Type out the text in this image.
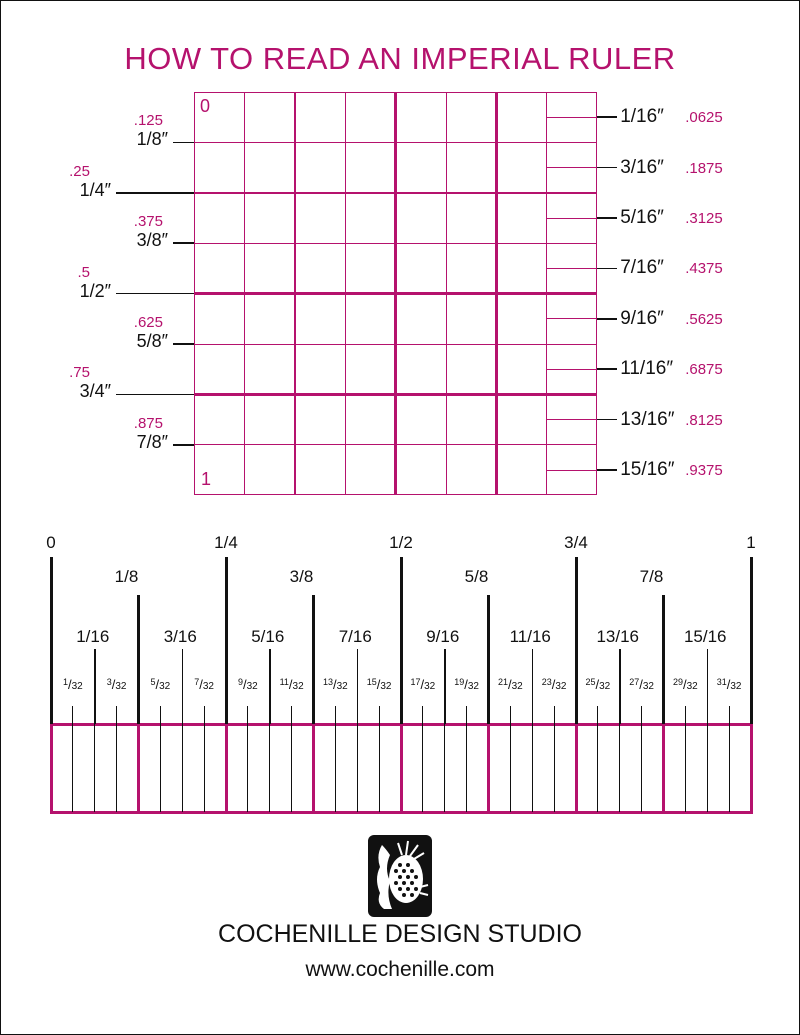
HOW TO READ AN IMPERIAL RULER
COCHENILLE DESIGN STUDIO
www.cochenille.com
0
1
1/8″
.125
1/4″
.25
3/8″
.375
1/2″
.5
5/8″
.625
3/4″
.75
7/8″
.875
1/16″ .0625
3/16″ .1875
5/16″ .3125
7/16″ .4375
9/16″ .5625
11/16″ .6875
13/16″ .8125
15/16″ .9375
0	1/4	1/2	3/4	1
1/8	3/8	5/8	7/8
1/16	3/16	5/16	7/16	9/16	11/16	13/16	15/16
$^1$/32	$^3$/32	$^5$/32	$^7$/32	$^9$/32	$^{11}$/32	$^{13}$/32	$^{15}$/32	$^{17}$/32	$^{19}$/32	$^{21}$/32	$^{23}$/32	$^{25}$/32	$^{27}$/32	$^{29}$/32	$^{31}$/32
